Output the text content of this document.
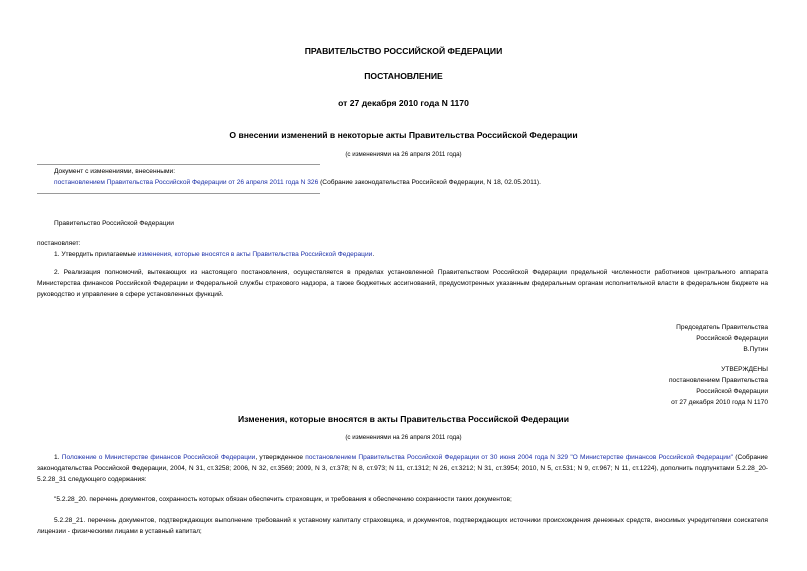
ПРАВИТЕЛЬСТВО РОССИЙСКОЙ ФЕДЕРАЦИИ
ПОСТАНОВЛЕНИЕ
от 27 декабря 2010 года N 1170
О внесении изменений в некоторые акты Правительства Российской Федерации
(с изменениями на 26 апреля 2011 года)
Документ с изменениями, внесенными:
постановлением Правительства Российской Федерации от 26 апреля 2011 года N 326 (Собрание законодательства Российской Федерации, N 18, 02.05.2011).
Правительство Российской Федерации
постановляет:
1. Утвердить прилагаемые изменения, которые вносятся в акты Правительства Российской Федерации.
2. Реализация полномочий, вытекающих из настоящего постановления, осуществляется в пределах установленной Правительством Российской Федерации предельной численности работников центрального аппарата Министерства финансов Российской Федерации и Федеральной службы страхового надзора, а также бюджетных ассигнований, предусмотренных указанным федеральным органам исполнительной власти в федеральном бюджете на руководство и управление в сфере установленных функций.
Председатель Правительства
Российской Федерации
В.Путин
УТВЕРЖДЕНЫ
постановлением Правительства
Российской Федерации
от 27 декабря 2010 года N 1170
Изменения, которые вносятся в акты Правительства Российской Федерации
(с изменениями на 26 апреля 2011 года)
1. Положение о Министерстве финансов Российской Федерации, утвержденное постановлением Правительства Российской Федерации от 30 июня 2004 года N 329 "О Министерстве финансов Российской Федерации" (Собрание законодательства Российской Федерации, 2004, N 31, ст.3258; 2006, N 32, ст.3569; 2009, N 3, ст.378; N 8, ст.973; N 11, ст.1312; N 26, ст.3212; N 31, ст.3954; 2010, N 5, ст.531; N 9, ст.967; N 11, ст.1224), дополнить подпунктами 5.2.28_20-5.2.28_31 следующего содержания:
"5.2.28_20. перечень документов, сохранность которых обязан обеспечить страховщик, и требования к обеспечению сохранности таких документов;
5.2.28_21. перечень документов, подтверждающих выполнение требований к уставному капиталу страховщика, и документов, подтверждающих источники происхождения денежных средств, вносимых учредителями соискателя лицензии - физическими лицами в уставный капитал;
